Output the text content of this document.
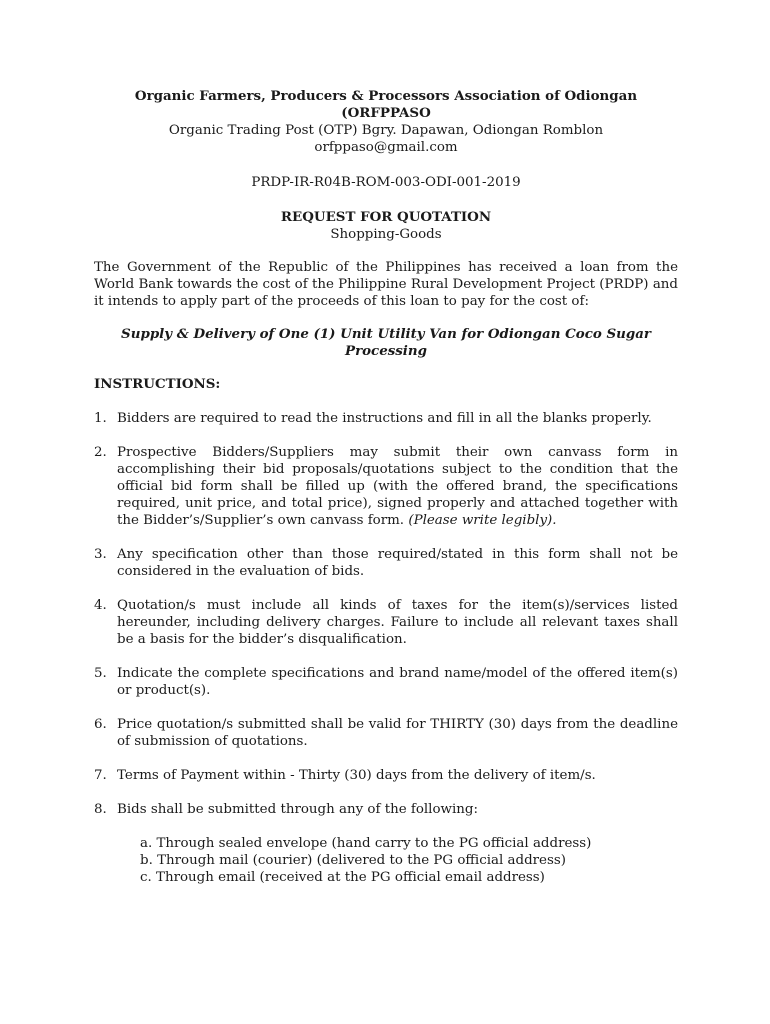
Organic Farmers, Producers & Processors Association of Odiongan (ORFPPASO
Organic Trading Post (OTP) Bgry. Dapawan, Odiongan Romblon
orfppaso@gmail.com
PRDP-IR-R04B-ROM-003-ODI-001-2019
REQUEST FOR QUOTATION
Shopping-Goods
The Government of the Republic of the Philippines has received a loan from the World Bank towards the cost of the Philippine Rural Development Project (PRDP) and it intends to apply part of the proceeds of this loan to pay for the cost of:
Supply & Delivery of One (1) Unit Utility Van for Odiongan Coco Sugar Processing
INSTRUCTIONS:
1. Bidders are required to read the instructions and fill in all the blanks properly.
2. Prospective Bidders/Suppliers may submit their own canvass form in accomplishing their bid proposals/quotations subject to the condition that the official bid form shall be filled up (with the offered brand, the specifications required, unit price, and total price), signed properly and attached together with the Bidder’s/Supplier’s own canvass form. (Please write legibly).
3. Any specification other than those required/stated in this form shall not be considered in the evaluation of bids.
4. Quotation/s must include all kinds of taxes for the item(s)/services listed hereunder, including delivery charges. Failure to include all relevant taxes shall be a basis for the bidder’s disqualification.
5. Indicate the complete specifications and brand name/model of the offered item(s) or product(s).
6. Price quotation/s submitted shall be valid for THIRTY (30) days from the deadline of submission of quotations.
7. Terms of Payment within - Thirty (30) days from the delivery of item/s.
8. Bids shall be submitted through any of the following:
a. Through sealed envelope (hand carry to the PG official address)
b. Through mail (courier) (delivered to the PG official address)
c. Through email (received at the PG official email address)
